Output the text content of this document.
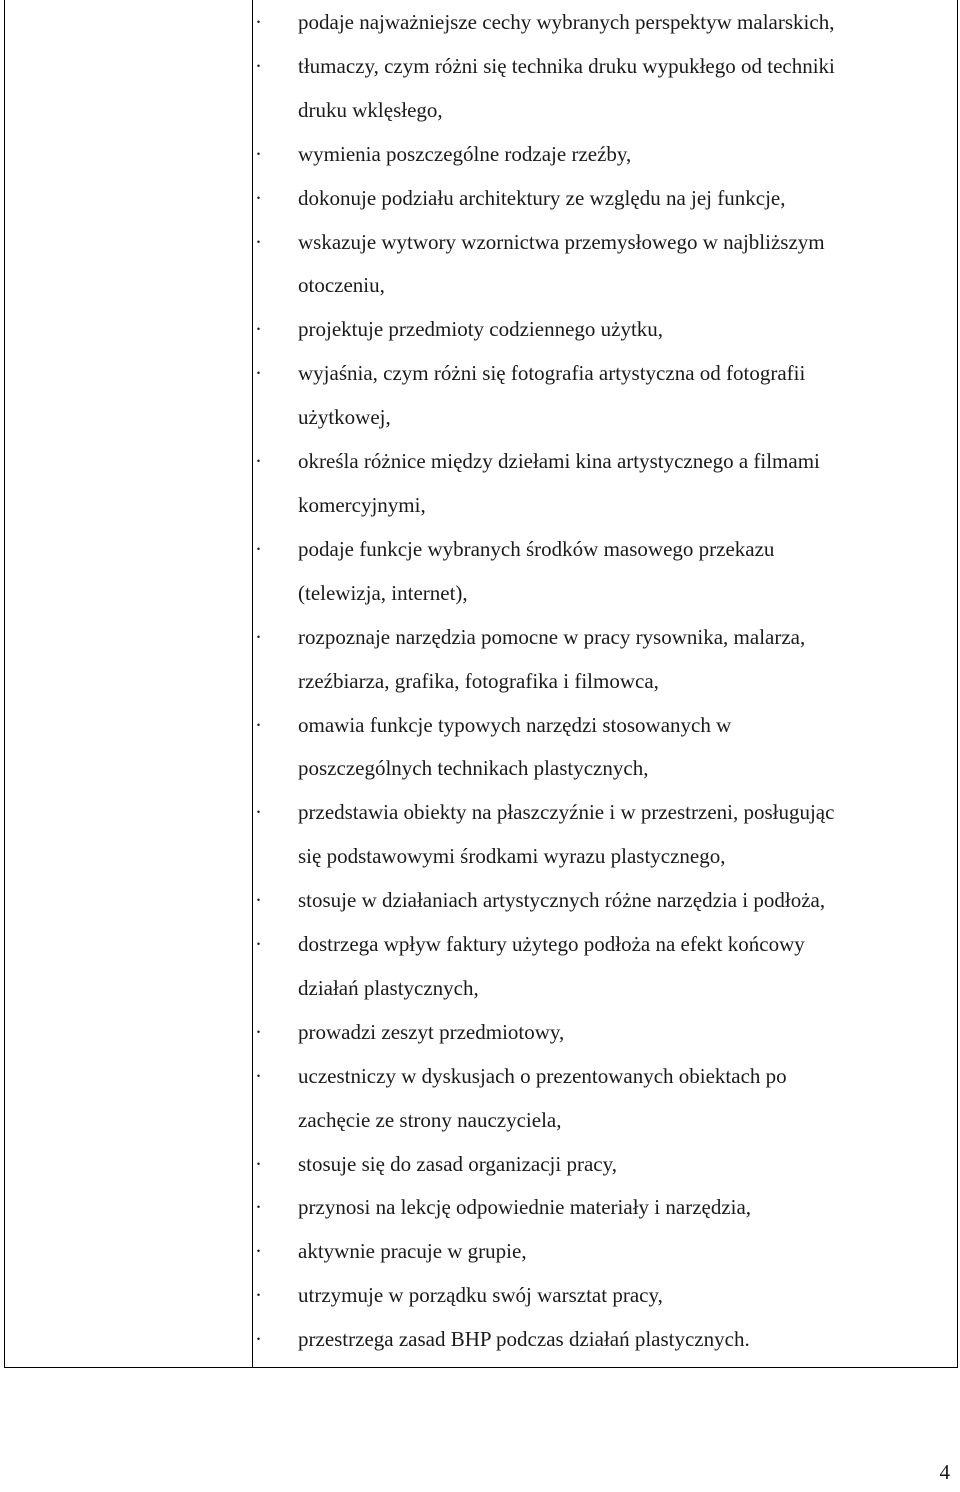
· podaje najważniejsze cechy wybranych perspektyw malarskich,
· tłumaczy, czym różni się technika druku wypukłego od techniki
druku wklęsłego,
· wymienia poszczególne rodzaje rzeźby,
· dokonuje podziału architektury ze względu na jej funkcje,
· wskazuje wytwory wzornictwa przemysłowego w najbliższym
otoczeniu,
· projektuje przedmioty codziennego użytku,
· wyjaśnia, czym różni się fotografia artystyczna od fotografii
użytkowej,
· określa różnice między dziełami kina artystycznego a filmami
komercyjnymi,
· podaje funkcje wybranych środków masowego przekazu
(telewizja, internet),
· rozpoznaje narzędzia pomocne w pracy rysownika, malarza,
rzeźbiarza, grafika, fotografika i filmowca,
· omawia funkcje typowych narzędzi stosowanych w
poszczególnych technikach plastycznych,
· przedstawia obiekty na płaszczyźnie i w przestrzeni, posługując
się podstawowymi środkami wyrazu plastycznego,
· stosuje w działaniach artystycznych różne narzędzia i podłoża,
· dostrzega wpływ faktury użytego podłoża na efekt końcowy
działań plastycznych,
· prowadzi zeszyt przedmiotowy,
· uczestniczy w dyskusjach o prezentowanych obiektach po
zachęcie ze strony nauczyciela,
· stosuje się do zasad organizacji pracy,
· przynosi na lekcję odpowiednie materiały i narzędzia,
· aktywnie pracuje w grupie,
· utrzymuje w porządku swój warsztat pracy,
· przestrzega zasad BHP podczas działań plastycznych.
4
